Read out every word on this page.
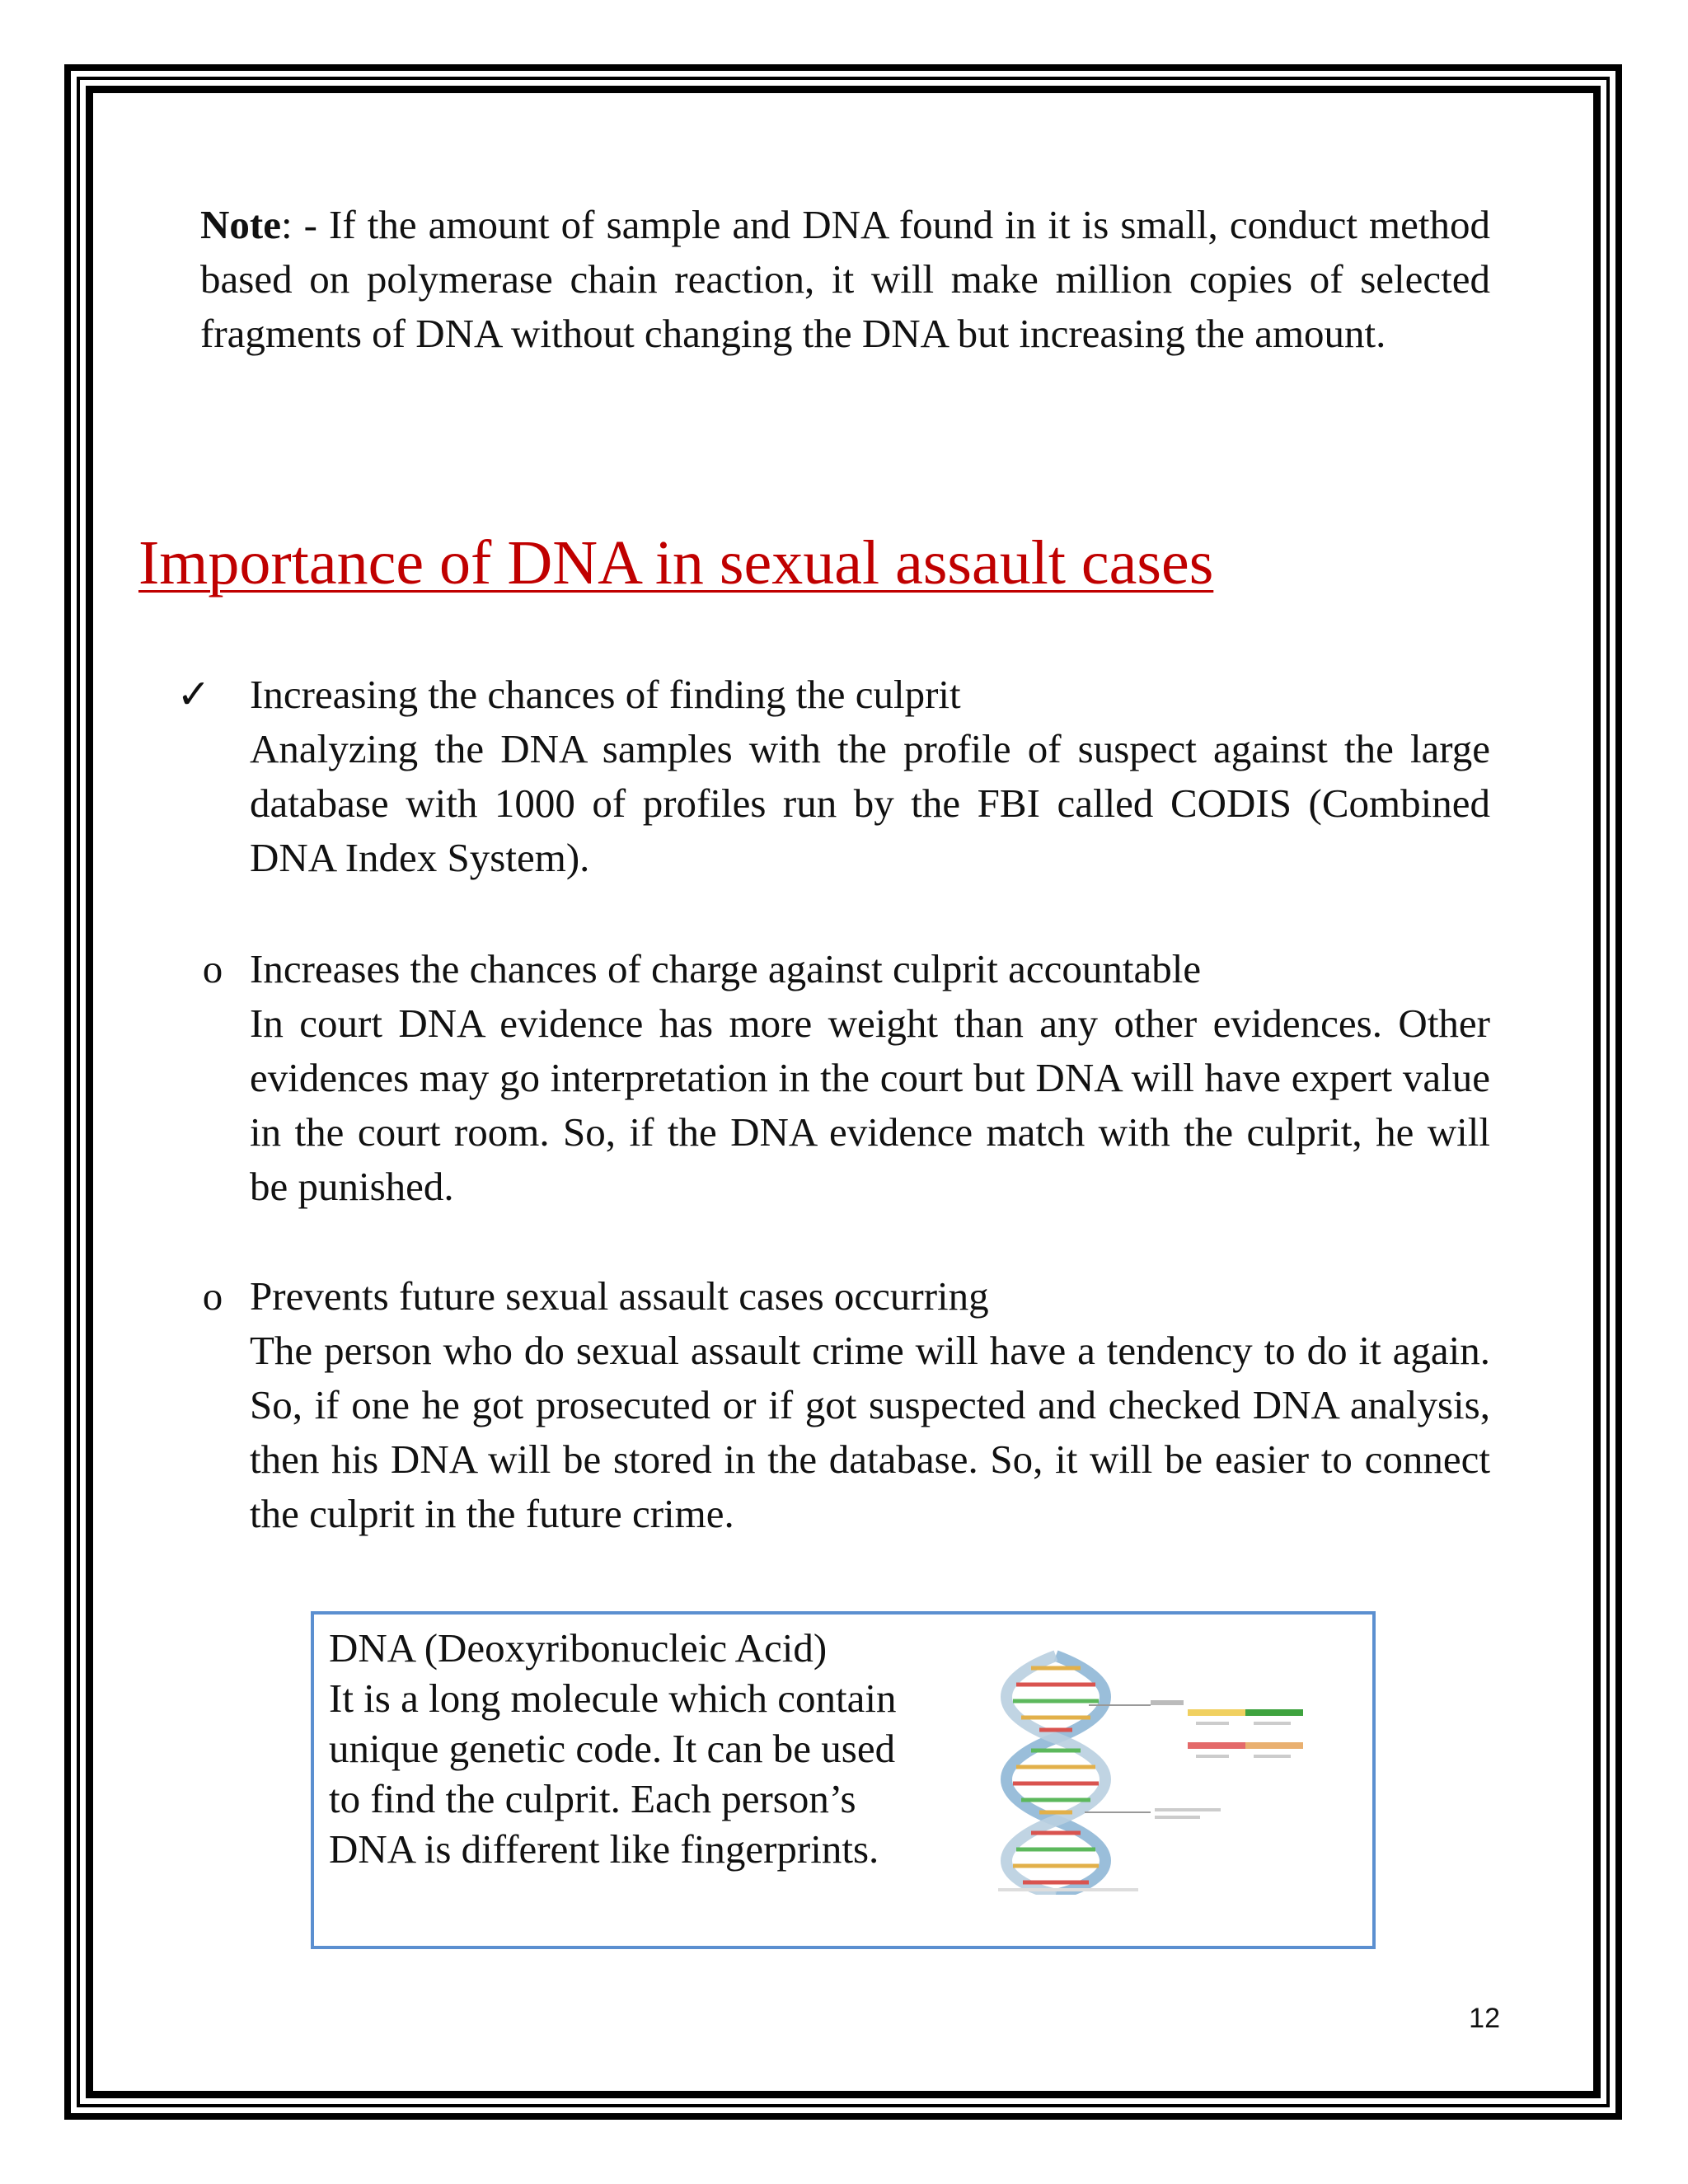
Note: - If the amount of sample and DNA found in it is small, conduct method based on polymerase chain reaction, it will make million copies of selected fragments of DNA without changing the DNA but increasing the amount.

Importance of DNA in sexual assault cases
✓ Increasing the chances of finding the culprit

Analyzing the DNA samples with the profile of suspect against the large database with 1000 of profiles run by the FBI called CODIS (Combined DNA Index System).

o Increases the chances of charge against culprit accountable

In court DNA evidence has more weight than any other evidences. Other evidences may go interpretation in the court but DNA will have expert value in the court room. So, if the DNA evidence match with the culprit, he will be punished.

o Prevents future sexual assault cases occurring

The person who do sexual assault crime will have a tendency to do it again. So, if one he got prosecuted or if got suspected and checked DNA analysis, then his DNA will be stored in the database. So, it will be easier to connect the culprit in the future crime.

DNA (Deoxyribonucleic Acid)
It is a long molecule which contain
unique genetic code. It can be used
to find the culprit. Each person’s
DNA is different like fingerprints.
12
